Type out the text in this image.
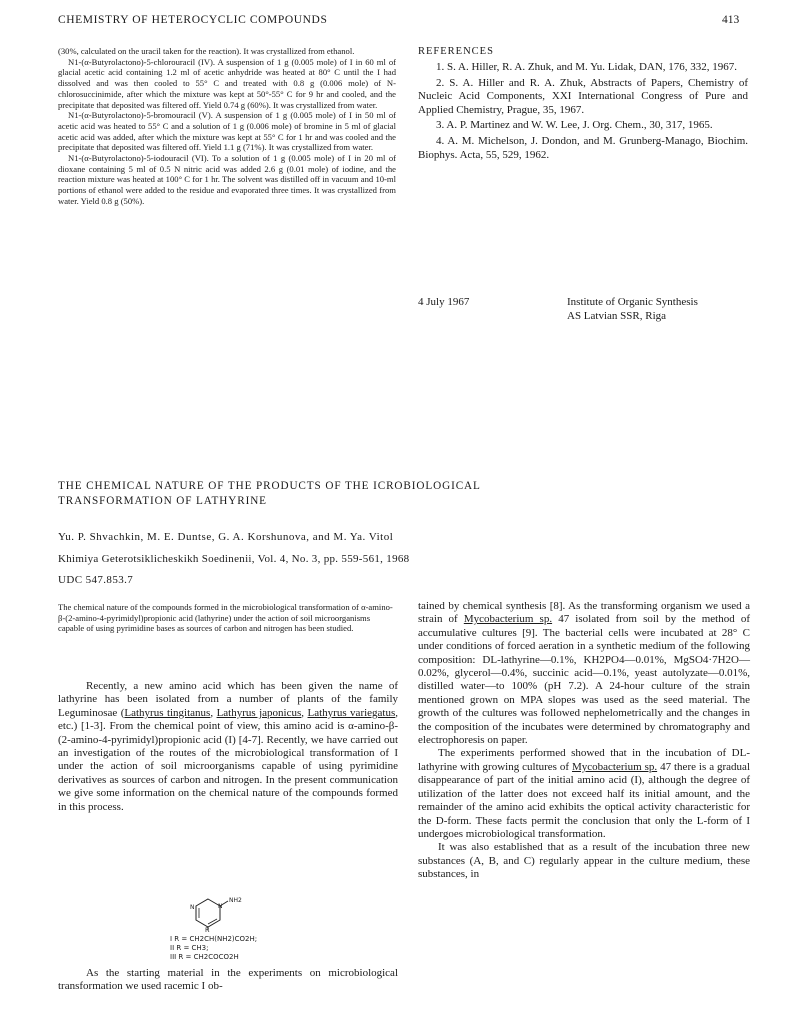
CHEMISTRY OF HETEROCYCLIC COMPOUNDS	413

(30%, calculated on the uracil taken for the reaction). It was crystallized from ethanol.

N1-(α-Butyrolactono)-5-chlorouracil (IV). A suspension of 1 g (0.005 mole) of I in 60 ml of glacial acetic acid containing 1.2 ml of acetic anhydride was heated at 80° C until the I had dissolved and was then cooled to 55° C and treated with 0.8 g (0.006 mole) of N-chlorosuccinimide, after which the mixture was kept at 50°-55° C for 9 hr and cooled, and the precipitate that deposited was filtered off. Yield 0.74 g (60%). It was crystallized from water.

N1-(α-Butyrolactono)-5-bromouracil (V). A suspension of 1 g (0.005 mole) of I in 50 ml of acetic acid was heated to 55° C and a solution of 1 g (0.006 mole) of bromine in 5 ml of glacial acetic acid was added, after which the mixture was kept at 55° C for 1 hr and was cooled and the precipitate that deposited was filtered off. Yield 1.1 g (71%). It was crystallized from water.

N1-(α-Butyrolactono)-5-iodouracil (VI). To a solution of 1 g (0.005 mole) of I in 20 ml of dioxane containing 5 ml of 0.5 N nitric acid was added 2.6 g (0.01 mole) of iodine, and the reaction mixture was heated at 100° C for 1 hr. The solvent was distilled off in vacuum and 10-ml portions of ethanol were added to the residue and evaporated three times. It was crystallized from water. Yield 0.8 g (50%).

REFERENCES

1. S. A. Hiller, R. A. Zhuk, and M. Yu. Lidak, DAN, 176, 332, 1967.

2. S. A. Hiller and R. A. Zhuk, Abstracts of Papers, Chemistry of Nucleic Acid Components, XXI International Congress of Pure and Applied Chemistry, Prague, 35, 1967.

3. A. P. Martinez and W. W. Lee, J. Org. Chem., 30, 317, 1965.

4. A. M. Michelson, J. Dondon, and M. Grunberg-Manago, Biochim. Biophys. Acta, 55, 529, 1962.

4 July 1967	Institute of Organic Synthesis
AS Latvian SSR, Riga
THE CHEMICAL NATURE OF THE PRODUCTS OF THE ICROBIOLOGICAL
TRANSFORMATION OF LATHYRINE
Yu. P. Shvachkin, M. E. Duntse, G. A. Korshunova, and M. Ya. Vitol
Khimiya Geterotsiklicheskikh Soedinenii, Vol. 4, No. 3, pp. 559-561, 1968
UDC 547.853.7
The chemical nature of the compounds formed in the microbiological transformation of α-amino-β-(2-amino-4-pyrimidyl)propionic acid (lathyrine) under the action of soil microorganisms capable of using pyrimidine bases as sources of carbon and nitrogen has been studied.

Recently, a new amino acid which has been given the name of lathyrine has been isolated from a number of plants of the family Leguminosae (Lathyrus tingitanus, Lathyrus japonicus, Lathyrus variegatus, etc.) [1-3]. From the chemical point of view, this amino acid is α-amino-β-(2-amino-4-pyrimidyl)propionic acid (I) [4-7]. Recently, we have carried out an investigation of the routes of the microbiological transformation of I under the action of soil microorganisms capable of using pyrimidine derivatives as sources of carbon and nitrogen. In the present communication we give some information on the chemical nature of the compounds formed in this process.

NH2
N	N
R
I R = CH2CH(NH2)CO2H;
II R = CH3;
III R = CH2COCO2H

As the starting material in the experiments on microbiological transformation we used racemic I ob-

tained by chemical synthesis [8]. As the transforming organism we used a strain of Mycobacterium sp. 47 isolated from soil by the method of accumulative cultures [9]. The bacterial cells were incubated at 28° C under conditions of forced aeration in a synthetic medium of the following composition: DL-lathyrine—0.1%, KH2PO4—0.01%, MgSO4·7H2O—0.02%, glycerol—0.4%, succinic acid—0.1%, yeast autolyzate—0.01%, distilled water—to 100% (pH 7.2). A 24-hour culture of the strain mentioned grown on MPA slopes was used as the seed material. The growth of the cultures was followed nephelometrically and the changes in the composition of the incubates were determined by chromatography and electrophoresis on paper.

The experiments performed showed that in the incubation of DL-lathyrine with growing cultures of Mycobacterium sp. 47 there is a gradual disappearance of part of the initial amino acid (I), although the degree of utilization of the latter does not exceed half its initial amount, and the remainder of the amino acid exhibits the optical activity characteristic for the D-form. These facts permit the conclusion that only the L-form of I undergoes microbiological transformation.

It was also established that as a result of the incubation three new substances (A, B, and C) regularly appear in the culture medium, these substances, in
